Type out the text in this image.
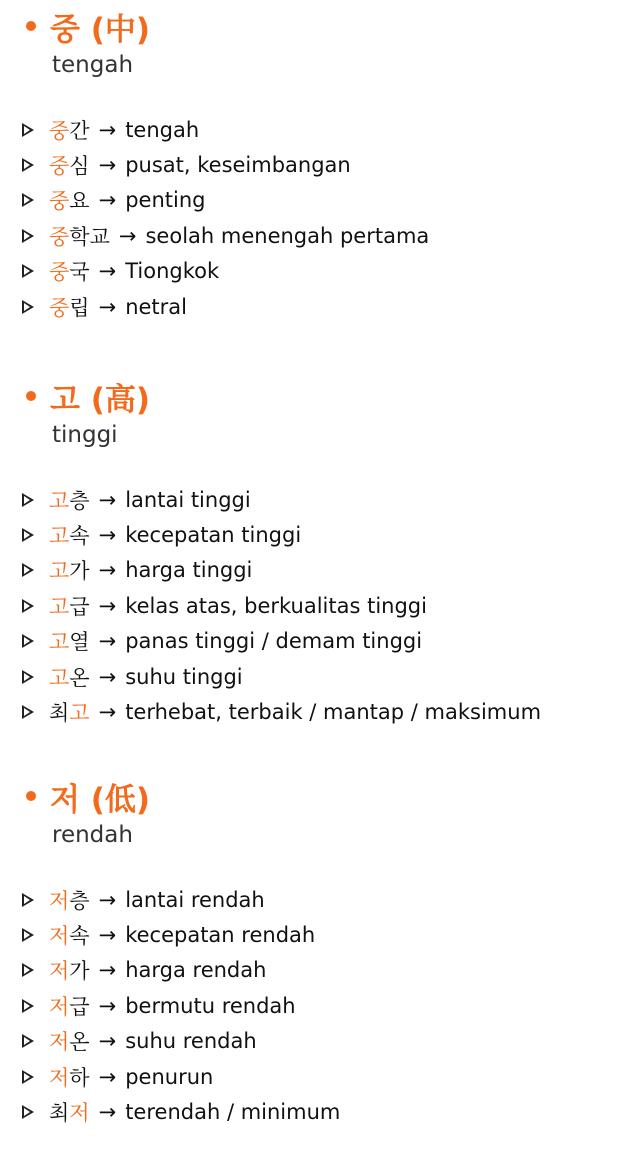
중 (中)
tengah
중 간 → tengah
중 심 → pusat, keseimbangan
중 요 → penting
중 학교 → seolah menengah pertama
중 국 → Tiongkok
중 립 → netral
고 (高)
tinggi
고 층 → lantai tinggi
고 속 → kecepatan tinggi
고 가 → harga tinggi
고 급 → kelas atas, berkualitas tinggi
고 열 → panas tinggi / demam tinggi
고 온 → suhu tinggi
최 고 → terhebat, terbaik / mantap / maksimum
저 (低)
rendah
저 층 → lantai rendah
저 속 → kecepatan rendah
저 가 → harga rendah
저 급 → bermutu rendah
저 온 → suhu rendah
저 하 → penurun
최 저 → terendah / minimum
